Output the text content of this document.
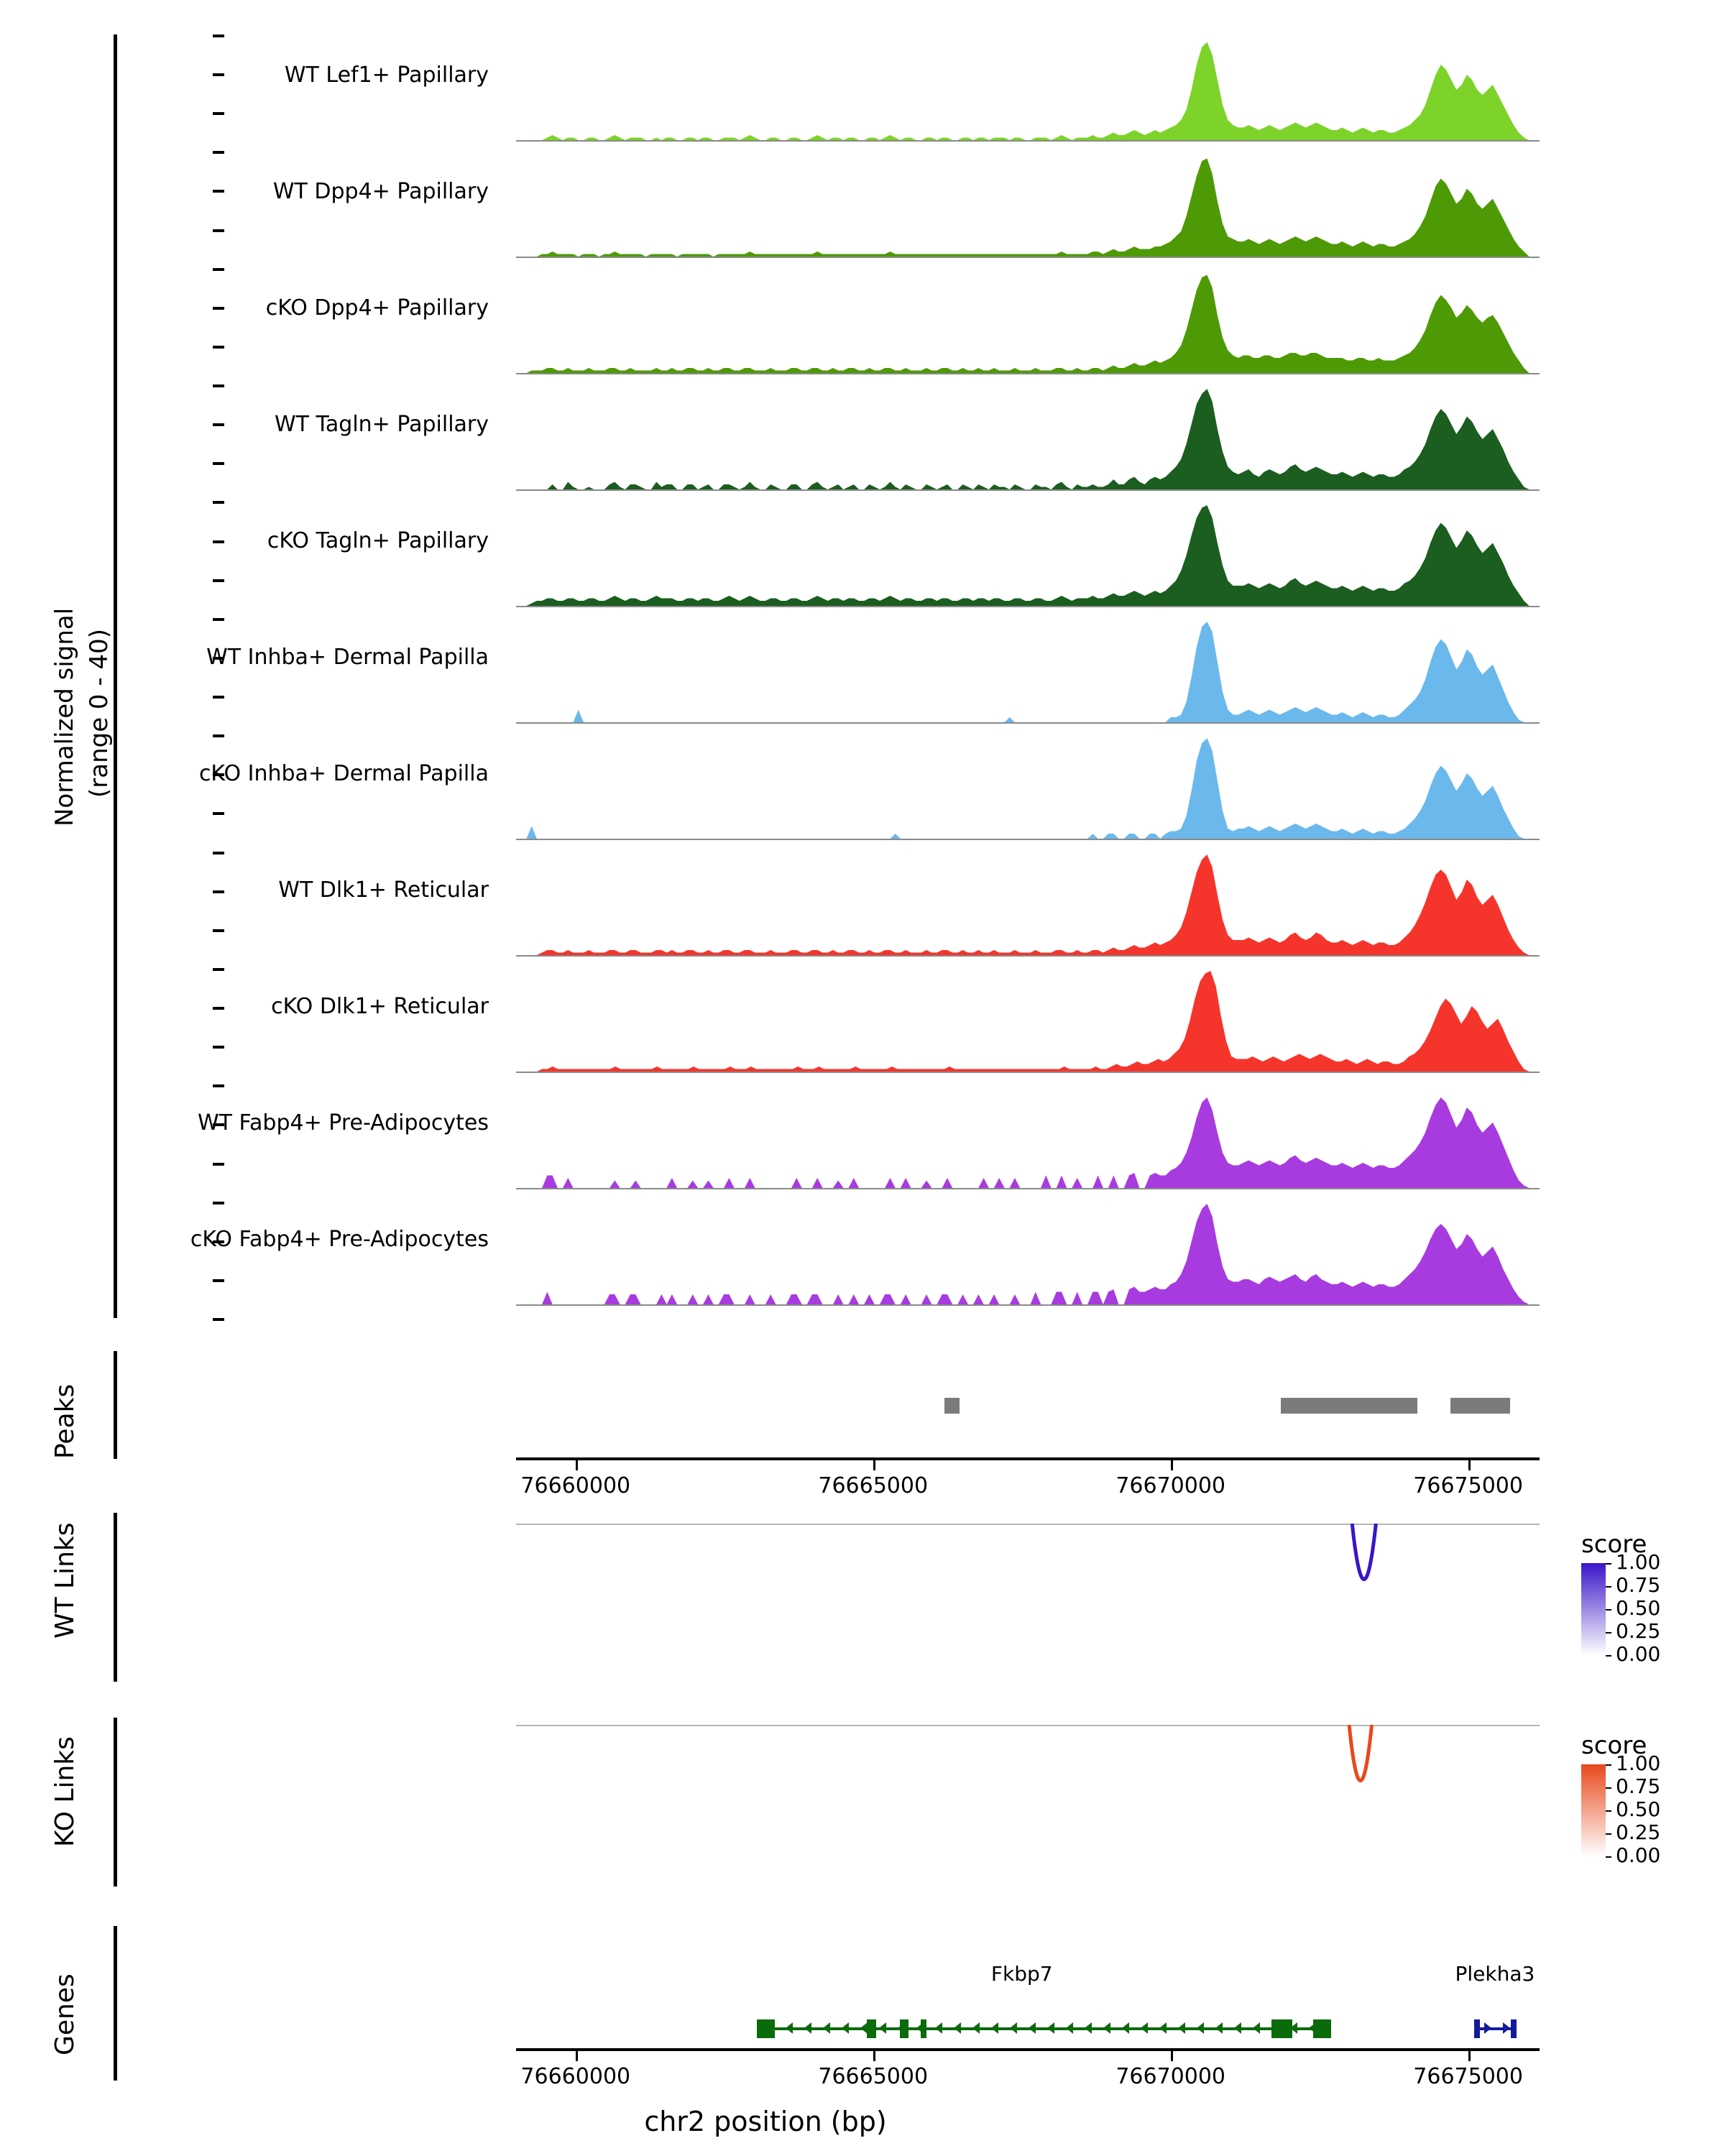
Normalized signal (range 0 - 40)
WT Lef1+ Papillary
WT Dpp4+ Papillary
cKO Dpp4+ Papillary
WT Tagln+ Papillary
cKO Tagln+ Papillary
WT Inhba+ Dermal Papilla
cKO Inhba+ Dermal Papilla
WT Dlk1+ Reticular
cKO Dlk1+ Reticular
WT Fabp4+ Pre-Adipocytes
cKO Fabp4+ Pre-Adipocytes
Peaks
76660000	76665000	76670000	76675000
WT Links	score
1.00
0.75
0.50
0.25
0.00
KO Links	score
1.00
0.75
0.50
0.25
0.00
Genes	Fkbp7	Plekha3
76660000	76665000	76670000	76675000
chr2 position (bp)
